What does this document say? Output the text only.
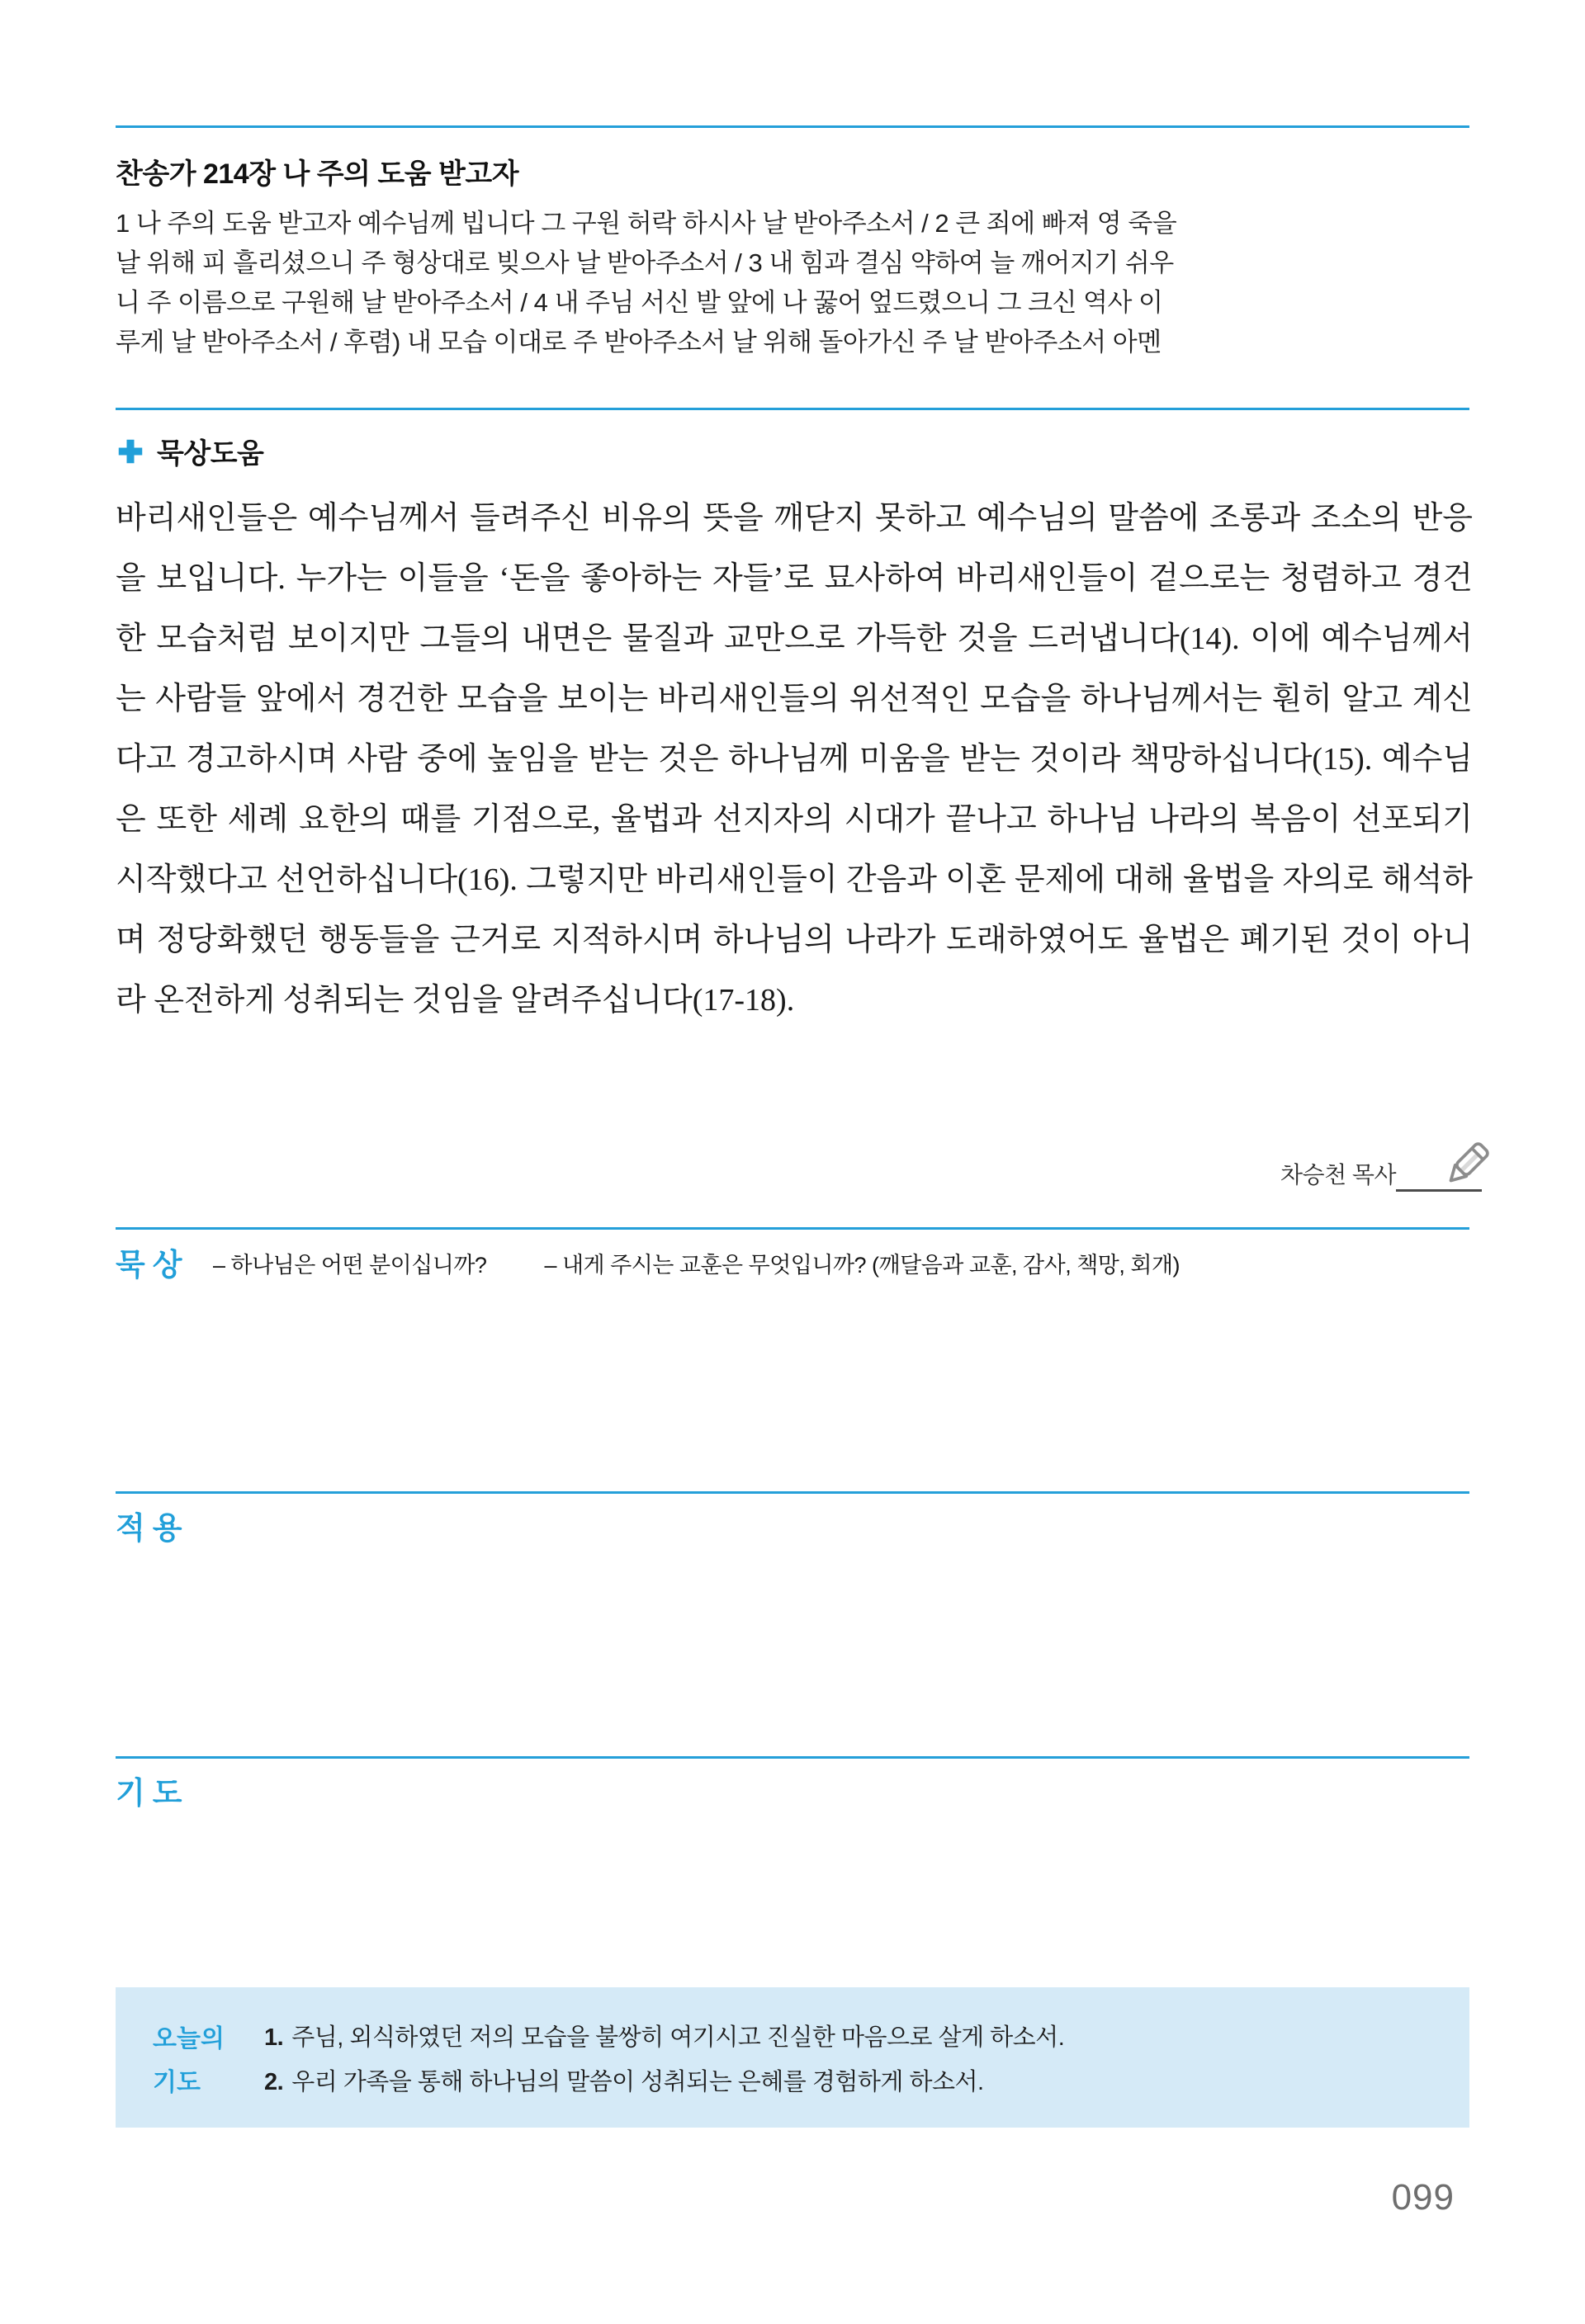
찬송가 214장 나 주의 도움 받고자
1 나 주의 도움 받고자 예수님께 빕니다 그 구원 허락 하시사 날 받아주소서 / 2 큰 죄에 빠져 영 죽을
날 위해 피 흘리셨으니 주 형상대로 빚으사 날 받아주소서 / 3 내 힘과 결심 약하여 늘 깨어지기 쉬우
니 주 이름으로 구원해 날 받아주소서 / 4 내 주님 서신 발 앞에 나 꿇어 엎드렸으니 그 크신 역사 이
루게 날 받아주소서 / 후렴) 내 모습 이대로 주 받아주소서 날 위해 돌아가신 주 날 받아주소서 아멘
묵상도움
바리새인들은 예수님께서 들려주신 비유의 뜻을 깨닫지 못하고 예수님의 말씀에 조롱과 조소의 반응을 보입니다. 누가는 이들을 ‘돈을 좋아하는 자들’로 묘사하여 바리새인들이 겉으로는 청렴하고 경건한 모습처럼 보이지만 그들의 내면은 물질과 교만으로 가득한 것을 드러냅니다(14). 이에 예수님께서는 사람들 앞에서 경건한 모습을 보이는 바리새인들의 위선적인 모습을 하나님께서는 훤히 알고 계신다고 경고하시며 사람 중에 높임을 받는 것은 하나님께 미움을 받는 것이라 책망하십니다(15). 예수님은 또한 세례 요한의 때를 기점으로, 율법과 선지자의 시대가 끝나고 하나님 나라의 복음이 선포되기 시작했다고 선언하십니다(16). 그렇지만 바리새인들이 간음과 이혼 문제에 대해 율법을 자의로 해석하며 정당화했던 행동들을 근거로 지적하시며 하나님의 나라가 도래하였어도 율법은 폐기된 것이 아니라 온전하게 성취되는 것임을 알려주십니다(17-18).
차승천 목사
묵상 – 하나님은 어떤 분이십니까?	– 내게 주시는 교훈은 무엇입니까? (깨달음과 교훈, 감사, 책망, 회개)
적용
기도
오늘의
기도
1. 주님, 외식하였던 저의 모습을 불쌍히 여기시고 진실한 마음으로 살게 하소서.
2. 우리 가족을 통해 하나님의 말씀이 성취되는 은혜를 경험하게 하소서.
099
